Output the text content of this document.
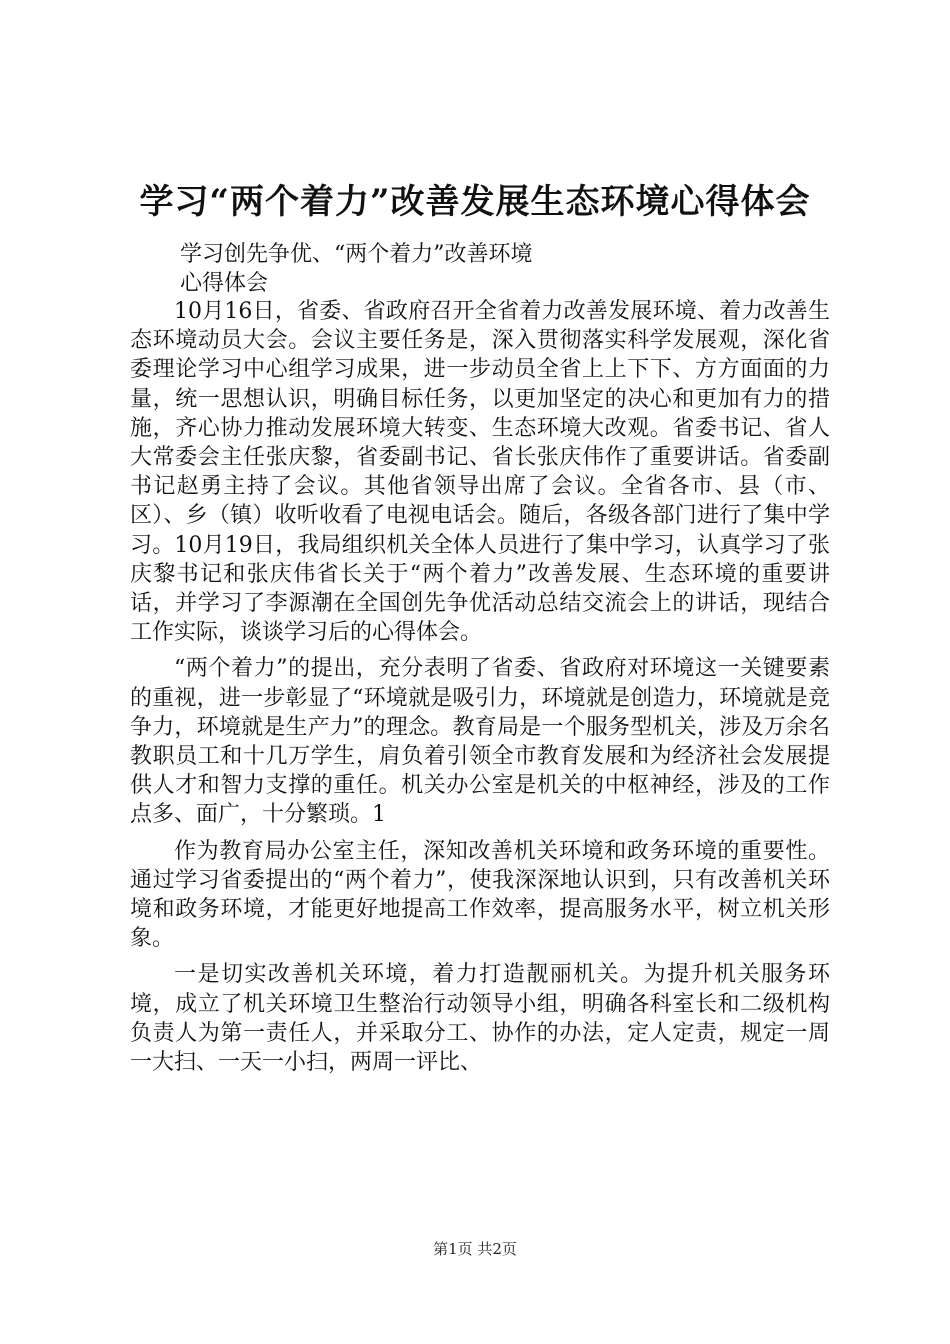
学习“两个着力”改善发展生态环境心得体会
学习创先争优、“两个着力”改善环境
心得体会

10月16日，省委、省政府召开全省着力改善发展环境、着力改善生态环境动员大会。会议主要任务是，深入贯彻落实科学发展观，深化省委理论学习中心组学习成果，进一步动员全省上上下下、方方面面的力量，统一思想认识，明确目标任务，以更加坚定的决心和更加有力的措施，齐心协力推动发展环境大转变、生态环境大改观。省委书记、省人大常委会主任张庆黎，省委副书记、省长张庆伟作了重要讲话。省委副书记赵勇主持了会议。其他省领导出席了会议。全省各市、县（市、区）、乡（镇）收听收看了电视电话会。随后，各级各部门进行了集中学习。10月19日，我局组织机关全体人员进行了集中学习，认真学习了张庆黎书记和张庆伟省长关于“两个着力”改善发展、生态环境的重要讲话，并学习了李源潮在全国创先争优活动总结交流会上的讲话，现结合工作实际，谈谈学习后的心得体会。

“两个着力”的提出，充分表明了省委、省政府对环境这一关键要素的重视，进一步彰显了“环境就是吸引力，环境就是创造力，环境就是竞争力，环境就是生产力”的理念。教育局是一个服务型机关，涉及万余名教职员工和十几万学生，肩负着引领全市教育发展和为经济社会发展提供人才和智力支撑的重任。机关办公室是机关的中枢神经，涉及的工作点多、面广，十分繁琐。1

作为教育局办公室主任，深知改善机关环境和政务环境的重要性。通过学习省委提出的“两个着力”，使我深深地认识到，只有改善机关环境和政务环境，才能更好地提高工作效率，提高服务水平，树立机关形象。

一是切实改善机关环境，着力打造靓丽机关。为提升机关服务环境，成立了机关环境卫生整治行动领导小组，明确各科室长和二级机构负责人为第一责任人，并采取分工、协作的办法，定人定责，规定一周一大扫、一天一小扫，两周一评比、

第1页 共2页
